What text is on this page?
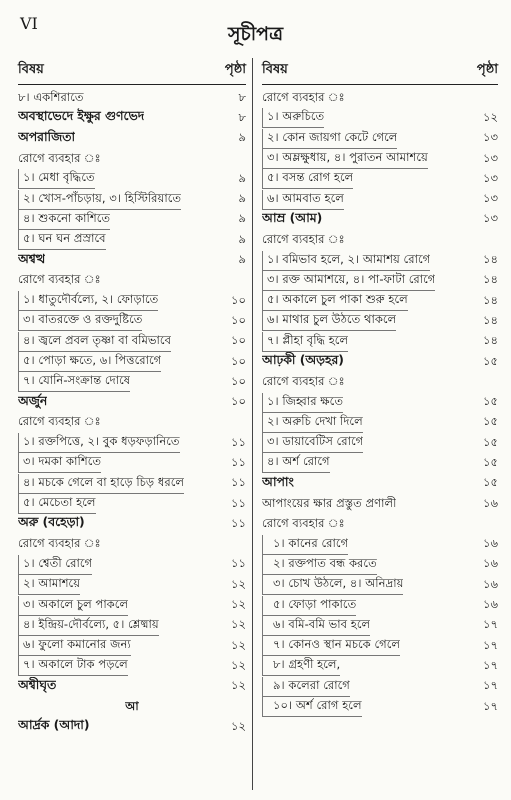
VI	সূচীপত্র
বিষয়	পৃষ্ঠা
৮। একশিরাতে	৮
অবস্থাভেদে ইক্ষুর গুণভেদ	৮
অপরাজিতা	৯
রোগে ব্যবহার ঃ
১। মেধা বৃদ্ধিতে	৯
২। খোস-পাঁচড়ায়, ৩। হিস্টিরিয়াতে	৯
৪। শুকনো কাশিতে	৯
৫। ঘন ঘন প্রস্রাবে	৯
অশ্বত্থ	৯
রোগে ব্যবহার ঃ
১। ধাতুদৌর্বল্যে, ২। ফোড়াতে	১০
৩। বাতরক্তে ও রক্তদুষ্টিতে	১০
৪। জ্বলে প্রবল তৃষ্ণা বা বমিভাবে	১০
৫। পোড়া ক্ষতে, ৬। পিত্তরোগে	১০
৭। যোনি-সংক্রান্ত দোষে	১০
অর্জুন	১০
রোগে ব্যবহার ঃ
১। রক্তপিত্তে, ২। বুক ধড়ফড়ানিতে	১১
৩। দমকা কাশিতে	১১
৪। মচকে গেলে বা হাড়ে চিড় ধরলে	১১
৫। মেচেতা হলে	১১
অরু (বহেড়া)	১১
রোগে ব্যবহার ঃ
১। শ্বেতী রোগে	১১
২। আমাশয়ে	১২
৩। অকালে চুল পাকলে	১২
৪। ইন্দ্রিয়-দৌর্বল্যে, ৫। শ্লেষ্মায়	১২
৬। ফুলো কমানোর জন্য	১২
৭। অকালে টাক পড়লে	১২
অশ্বীঘৃত	১২
আ
আর্দ্রক (আদা)	১২
বিষয়	পৃষ্ঠা
রোগে ব্যবহার ঃ
১। অরুচিতে	১২
২। কোন জায়গা কেটে গেলে	১৩
৩। অম্লক্ষুধায়, ৪। পুরাতন আমাশয়ে	১৩
৫। বসন্ত রোগ হলে	১৩
৬। আমবাত হলে	১৩
আম্র (আম)	১৩
রোগে ব্যবহার ঃ
১। বমিভাব হলে, ২। আমাশয় রোগে	১৪
৩। রক্ত আমাশয়ে, ৪। পা-ফাটা রোগে	১৪
৫। অকালে চুল পাকা শুরু হলে	১৪
৬। মাথার চুল উঠতে থাকলে	১৪
৭। প্লীহা বৃদ্ধি হলে	১৪
আঢ়কী (অড়হর)	১৫
রোগে ব্যবহার ঃ
১। জিহ্বার ক্ষতে	১৫
২। অরুচি দেখা দিলে	১৫
৩। ডায়াবেটিস রোগে	১৫
৪। অর্শ রোগে	১৫
আপাং	১৫
আপাংয়ের ক্ষার প্রস্তুত প্রণালী	১৬
রোগে ব্যবহার ঃ
১। কানের রোগে	১৬
২। রক্তপাত বন্ধ করতে	১৬
৩। চোখ উঠলে, ৪। অনিদ্রায়	১৬
৫। ফোড়া পাকাতে	১৬
৬। বমি-বমি ভাব হলে	১৭
৭। কোনও স্থান মচকে গেলে	১৭
৮। গ্রহণী হলে,	১৭
৯। কলেরা রোগে	১৭
১০। অর্শ রোগ হলে	১৭
